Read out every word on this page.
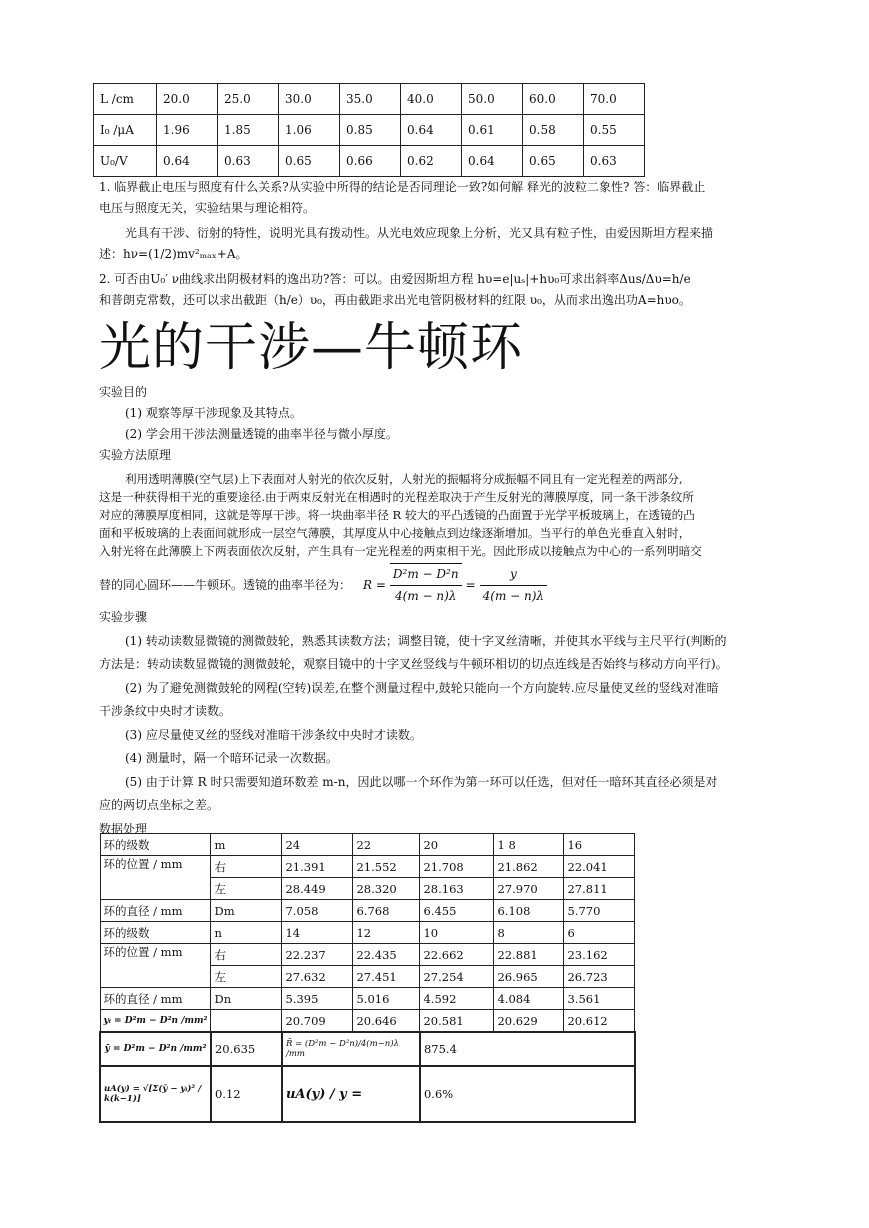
L /cm	20.0	25.0	30.0	35.0	40.0	50.0	60.0	70.0
I₀ /μA	1.96	1.85	1.06	0.85	0.64	0.61	0.58	0.55
U₀/V	0.64	0.63	0.65	0.66	0.62	0.64	0.65	0.63
1. 临界截止电压与照度有什么关系?从实验中所得的结论是否同理论一致?如何解 释光的波粒二象性? 答：临界截止
电压与照度无关，实验结果与理论相符。
光具有干涉、衍射的特性，说明光具有拨动性。从光电效应现象上分析，光又具有粒子性，由爱因斯坦方程来描
述：hν=(1/2)mv²ₘₐₓ+A。
2. 可否由U₀′ ν曲线求出阴极材料的逸出功?答：可以。由爱因斯坦方程 hυ=e|uₛ|+hυ₀可求出斜率Δus/Δυ=h/e
和普朗克常数，还可以求出截距（h/e）υ₀，再由截距求出光电管阴极材料的红限 υ₀，从而求出逸出功A=hυo。
光的干涉—牛顿环
实验目的
(1) 观察等厚干涉现象及其特点。
(2) 学会用干涉法测量透镜的曲率半径与微小厚度。
实验方法原理
利用透明薄膜(空气层)上下表面对人射光的依次反射，人射光的振幅将分成振幅不同且有一定光程差的两部分,
这是一种获得相干光的重要途径.由于两束反射光在相遇时的光程差取决于产生反射光的薄膜厚度，同一条干涉条纹所
对应的薄膜厚度相同，这就是等厚干涉。将一块曲率半径 R 较大的平凸透镜的凸面置于光学平板玻璃上，在透镜的凸
面和平板玻璃的上表面间就形成一层空气薄膜，其厚度从中心接触点到边缘逐渐增加。当平行的单色光垂直入射时，
入射光将在此薄膜上下两表面依次反射，产生具有一定光程差的两束相干光。因此形成以接触点为中心的一系列明暗交
替的同心圆环——牛顿环。透镜的曲率半径为： $R = \frac{\text{D²m − D²n}}{4(m - n)\lambda} = \frac{y}{4(m - n)\lambda}$
实验步骤
(1) 转动读数显微镜的测微鼓轮，熟悉其读数方法；调整目镜，使十字叉丝清晰，并使其水平线与主尺平行(判断的
方法是：转动读数显微镜的测微鼓轮，观察目镜中的十字叉丝竖线与牛顿环相切的切点连线是否始终与移动方向平行)。
(2) 为了避免测微鼓轮的网程(空转)误差,在整个测量过程中,鼓轮只能向一个方向旋转.应尽量使叉丝的竖线对准暗
干涉条纹中央时才读数。
(3) 应尽量使叉丝的竖线对准暗干涉条纹中央时才读数。
(4) 测量时，隔一个暗环记录一次数据。
(5) 由于计算 R 时只需要知道环数差 m-n，因此以哪一个环作为第一环可以任选，但对任一暗环其直径必须是对
应的两切点坐标之差。
数据处理
环的级数	m	24	22	20	1 8	16
环的位置 / mm	右	21.391	21.552	21.708	21.862	22.041
	左	28.449	28.320	28.163	27.970	27.811
环的直径 / mm	Dm	7.058	6.768	6.455	6.108	5.770
环的级数	n	14	12	10	8	6
环的位置 / mm	右	22.237	22.435	22.662	22.881	23.162
	左	27.632	27.451	27.254	26.965	26.723
环的直径 / mm	Dn	5.395	5.016	4.592	4.084	3.561
yᵢ = D²m − D²n /mm²		20.709	20.646	20.581	20.629	20.612
ȳ = D²m − D²n /mm²	20.635	R̄ = (D²m − D²n)/4(m−n)λ /mm		875.4		
uA(y) = √[Σ(ȳ − yᵢ)² / k(k−1)]	0.12	uA(y) / y =		0.6%		
